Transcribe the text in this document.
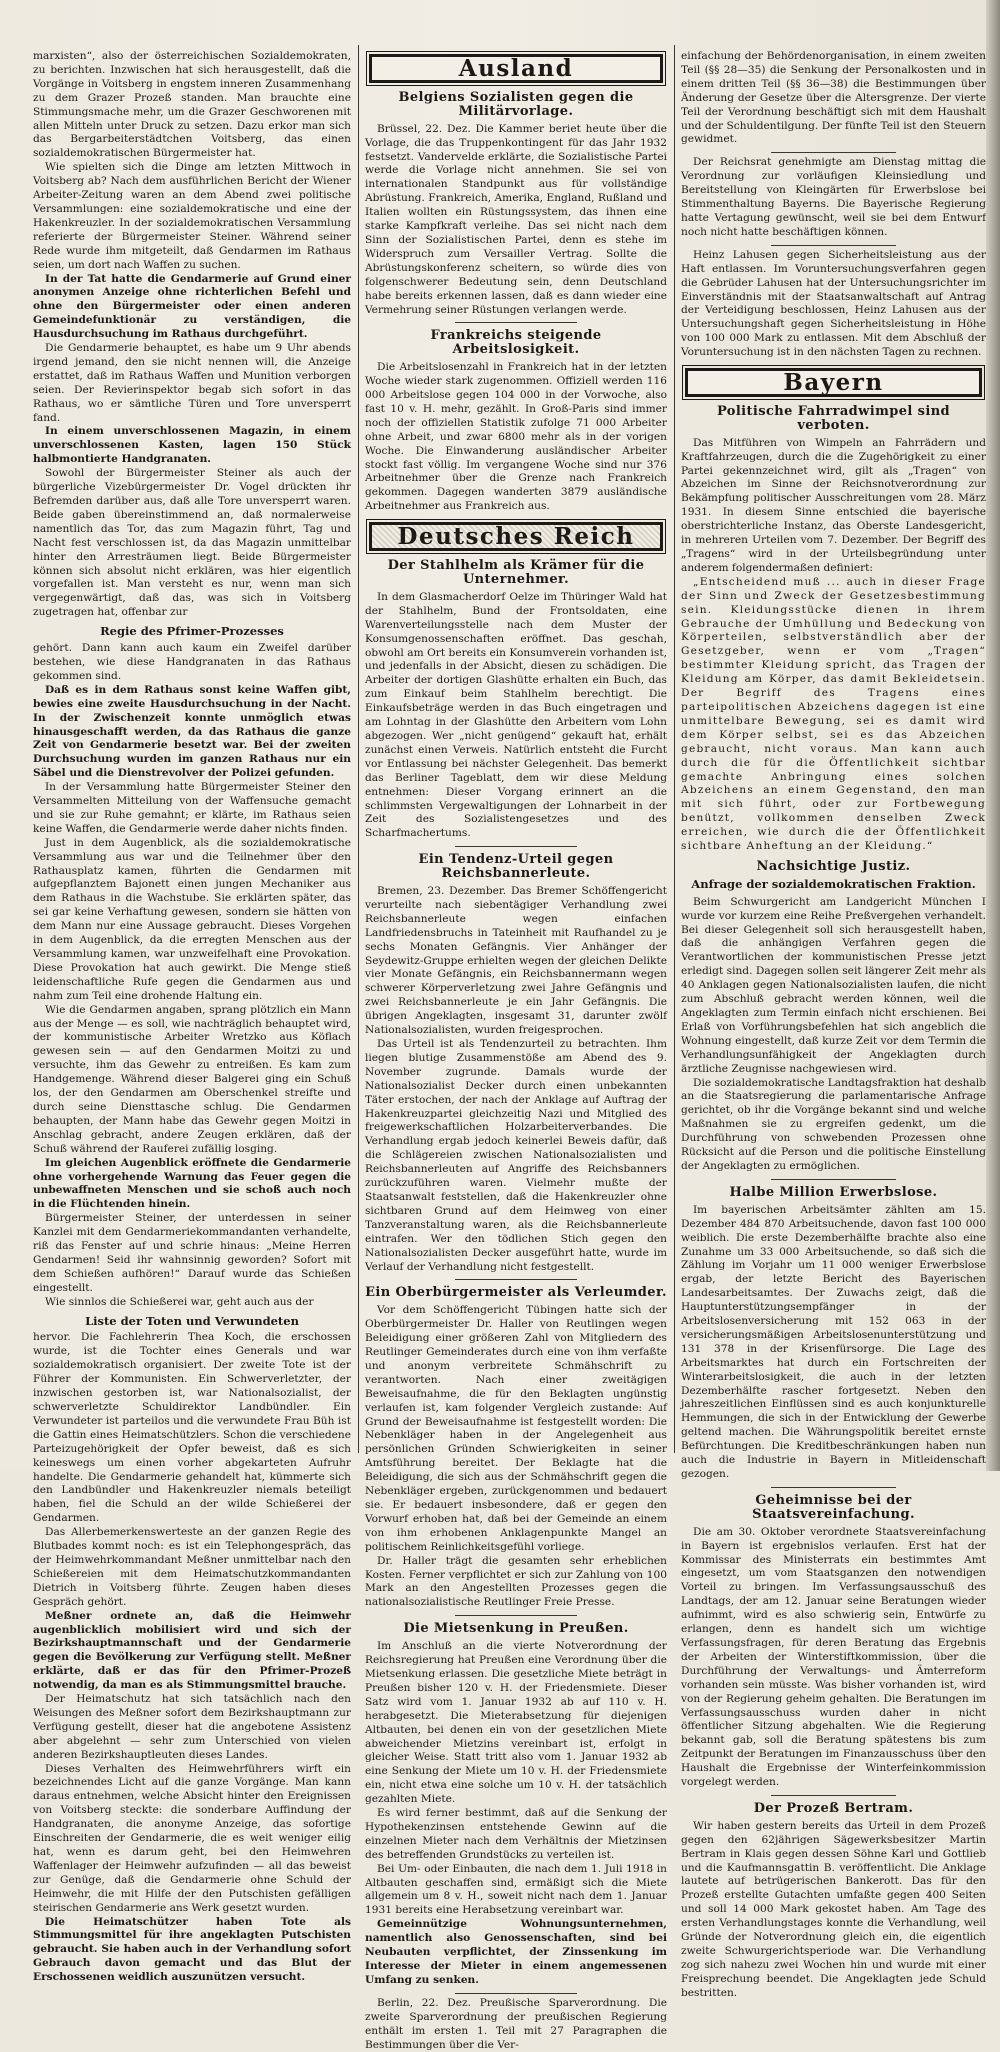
marxisten“, also der österreichischen Sozialdemokraten, zu berichten. Inzwischen hat sich herausgestellt, daß die Vorgänge in Voitsberg in engstem inneren Zusammenhang zu dem Grazer Prozeß standen. Man brauchte eine Stimmungsmache mehr, um die Grazer Geschworenen mit allen Mitteln unter Druck zu setzen. Dazu erkor man sich das Bergarbeiterstädtchen Voitsberg, das einen sozialdemokratischen Bürgermeister hat.

Wie spielten sich die Dinge am letzten Mittwoch in Voitsberg ab? Nach dem ausführlichen Bericht der Wiener Arbeiter-Zeitung waren an dem Abend zwei politische Versammlungen: eine sozialdemokratische und eine der Hakenkreuzler. In der sozialdemokratischen Versammlung referierte der Bürgermeister Steiner. Während seiner Rede wurde ihm mitgeteilt, daß Gendarmen im Rathaus seien, um dort nach Waffen zu suchen.

In der Tat hatte die Gendarmerie auf Grund einer anonymen Anzeige ohne richterlichen Befehl und ohne den Bürgermeister oder einen anderen Gemeindefunktionär zu verständigen, die Hausdurchsuchung im Rathaus durchgeführt.

Die Gendarmerie behauptet, es habe um 9 Uhr abends irgend jemand, den sie nicht nennen will, die Anzeige erstattet, daß im Rathaus Waffen und Munition verborgen seien. Der Revierinspektor begab sich sofort in das Rathaus, wo er sämtliche Türen und Tore unversperrt fand.

In einem unverschlossenen Magazin, in einem unverschlossenen Kasten, lagen 150 Stück halbmontierte Handgranaten.

Sowohl der Bürgermeister Steiner als auch der bürgerliche Vizebürgermeister Dr. Vogel drückten ihr Befremden darüber aus, daß alle Tore unversperrt waren. Beide gaben übereinstimmend an, daß normalerweise namentlich das Tor, das zum Magazin führt, Tag und Nacht fest verschlossen ist, da das Magazin unmittelbar hinter den Arresträumen liegt. Beide Bürgermeister können sich absolut nicht erklären, was hier eigentlich vorgefallen ist. Man versteht es nur, wenn man sich vergegenwärtigt, daß das, was sich in Voitsberg zugetragen hat, offenbar zur

Regie des Pfrimer-Prozesses

gehört. Dann kann auch kaum ein Zweifel darüber bestehen, wie diese Handgranaten in das Rathaus gekommen sind.

Daß es in dem Rathaus sonst keine Waffen gibt, bewies eine zweite Hausdurchsuchung in der Nacht. In der Zwischenzeit konnte unmöglich etwas hinausgeschafft werden, da das Rathaus die ganze Zeit von Gendarmerie besetzt war. Bei der zweiten Durchsuchung wurden im ganzen Rathaus nur ein Säbel und die Dienstrevolver der Polizei gefunden.

In der Versammlung hatte Bürgermeister Steiner den Versammelten Mitteilung von der Waffensuche gemacht und sie zur Ruhe gemahnt; er klärte, im Rathaus seien keine Waffen, die Gendarmerie werde daher nichts finden.

Just in dem Augenblick, als die sozialdemokratische Versammlung aus war und die Teilnehmer über den Rathausplatz kamen, führten die Gendarmen mit aufgepflanztem Bajonett einen jungen Mechaniker aus dem Rathaus in die Wachstube. Sie erklärten später, das sei gar keine Verhaftung gewesen, sondern sie hätten von dem Mann nur eine Aussage gebraucht. Dieses Vorgehen in dem Augenblick, da die erregten Menschen aus der Versammlung kamen, war unzweifelhaft eine Provokation. Diese Provokation hat auch gewirkt. Die Menge stieß leidenschaftliche Rufe gegen die Gendarmen aus und nahm zum Teil eine drohende Haltung ein.

Wie die Gendarmen angaben, sprang plötzlich ein Mann aus der Menge — es soll, wie nachträglich behauptet wird, der kommunistische Arbeiter Wretzko aus Köflach gewesen sein — auf den Gendarmen Moitzi zu und versuchte, ihm das Gewehr zu entreißen. Es kam zum Handgemenge. Während dieser Balgerei ging ein Schuß los, der den Gendarmen am Oberschenkel streifte und durch seine Diensttasche schlug. Die Gendarmen behaupten, der Mann habe das Gewehr gegen Moitzi in Anschlag gebracht, andere Zeugen erklären, daß der Schuß während der Rauferei zufällig losging.

Im gleichen Augenblick eröffnete die Gendarmerie ohne vorhergehende Warnung das Feuer gegen die unbewaffneten Menschen und sie schoß auch noch in die Flüchtenden hinein.

Bürgermeister Steiner, der unterdessen in seiner Kanzlei mit dem Gendarmeriekommandanten verhandelte, riß das Fenster auf und schrie hinaus: „Meine Herren Gendarmen! Seid ihr wahnsinnig geworden? Sofort mit dem Schießen aufhören!“ Darauf wurde das Schießen eingestellt.

Wie sinnlos die Schießerei war, geht auch aus der

Liste der Toten und Verwundeten

hervor. Die Fachlehrerin Thea Koch, die erschossen wurde, ist die Tochter eines Generals und war sozialdemokratisch organisiert. Der zweite Tote ist der Führer der Kommunisten. Ein Schwerverletzter, der inzwischen gestorben ist, war Nationalsozialist, der schwerverletzte Schuldirektor Landbündler. Ein Verwundeter ist parteilos und die verwundete Frau Büh ist die Gattin eines Heimatschützlers. Schon die verschiedene Parteizugehörigkeit der Opfer beweist, daß es sich keineswegs um einen vorher abgekarteten Aufruhr handelte. Die Gendarmerie gehandelt hat, kümmerte sich den Landbündler und Hakenkreuzler niemals beteiligt haben, fiel die Schuld an der wilde Schießerei der Gendarmen.

Das Allerbemerkenswerteste an der ganzen Regie des Blutbades kommt noch: es ist ein Telephongespräch, das der Heimwehrkommandant Meßner unmittelbar nach den Schießereien mit dem Heimatschutzkommandanten Dietrich in Voitsberg führte. Zeugen haben dieses Gespräch gehört.

Meßner ordnete an, daß die Heimwehr augenblicklich mobilisiert wird und sich der Bezirkshauptmannschaft und der Gendarmerie gegen die Bevölkerung zur Verfügung stellt. Meßner erklärte, daß er das für den Pfrimer-Prozeß notwendig, da man es als Stimmungsmittel brauche.

Der Heimatschutz hat sich tatsächlich nach den Weisungen des Meßner sofort dem Bezirkshauptmann zur Verfügung gestellt, dieser hat die angebotene Assistenz aber abgelehnt — sehr zum Unterschied von vielen anderen Bezirkshauptleuten dieses Landes.

Dieses Verhalten des Heimwehrführers wirft ein bezeichnendes Licht auf die ganze Vorgänge. Man kann daraus entnehmen, welche Absicht hinter den Ereignissen von Voitsberg steckte: die sonderbare Auffindung der Handgranaten, die anonyme Anzeige, das sofortige Einschreiten der Gendarmerie, die es weit weniger eilig hat, wenn es darum geht, bei den Heimwehren Waffenlager der Heimwehr aufzufinden — all das beweist zur Genüge, daß die Gendarmerie ohne Schuld der Heimwehr, die mit Hilfe der den Putschisten gefälligen steirischen Gendarmerie ans Werk gesetzt wurden.

Die Heimatschützer haben Tote als Stimmungsmittel für ihre angeklagten Putschisten gebraucht. Sie haben auch in der Verhandlung sofort Gebrauch davon gemacht und das Blut der Erschossenen weidlich auszunützen versucht.

Ausland
Belgiens Sozialisten gegen die Militärvorlage.

Brüssel, 22. Dez. Die Kammer beriet heute über die Vorlage, die das Truppenkontingent für das Jahr 1932 festsetzt. Vandervelde erklärte, die Sozialistische Partei werde die Vorlage nicht annehmen. Sie sei von internationalen Standpunkt aus für vollständige Abrüstung. Frankreich, Amerika, England, Rußland und Italien wollten ein Rüstungssystem, das ihnen eine starke Kampfkraft verleihe. Das sei nicht nach dem Sinn der Sozialistischen Partei, denn es stehe im Widerspruch zum Versailler Vertrag. Sollte die Abrüstungskonferenz scheitern, so würde dies von folgenschwerer Bedeutung sein, denn Deutschland habe bereits erkennen lassen, daß es dann wieder eine Vermehrung seiner Rüstungen verlangen werde.

Frankreichs steigende Arbeitslosigkeit.

Die Arbeitslosenzahl in Frankreich hat in der letzten Woche wieder stark zugenommen. Offiziell werden 116 000 Arbeitslose gegen 104 000 in der Vorwoche, also fast 10 v. H. mehr, gezählt. In Groß-Paris sind immer noch der offiziellen Statistik zufolge 71 000 Arbeiter ohne Arbeit, und zwar 6800 mehr als in der vorigen Woche. Die Einwanderung ausländischer Arbeiter stockt fast völlig. Im vergangene Woche sind nur 376 Arbeitnehmer über die Grenze nach Frankreich gekommen. Dagegen wanderten 3879 ausländische Arbeitnehmer aus Frankreich aus.

Deutsches Reich
Der Stahlhelm als Krämer für die Unternehmer.

In dem Glasmacherdorf Oelze im Thüringer Wald hat der Stahlhelm, Bund der Frontsoldaten, eine Warenverteilungsstelle nach dem Muster der Konsumgenossenschaften eröffnet. Das geschah, obwohl am Ort bereits ein Konsumverein vorhanden ist, und jedenfalls in der Absicht, diesen zu schädigen. Die Arbeiter der dortigen Glashütte erhalten ein Buch, das zum Einkauf beim Stahlhelm berechtigt. Die Einkaufsbeträge werden in das Buch eingetragen und am Lohntag in der Glashütte den Arbeitern vom Lohn abgezogen. Wer „nicht genügend“ gekauft hat, erhält zunächst einen Verweis. Natürlich entsteht die Furcht vor Entlassung bei nächster Gelegenheit. Das bemerkt das Berliner Tageblatt, dem wir diese Meldung entnehmen: Dieser Vorgang erinnert an die schlimmsten Vergewaltigungen der Lohnarbeit in der Zeit des Sozialistengesetzes und des Scharfmachertums.

Ein Tendenz-Urteil gegen Reichsbannerleute.

Bremen, 23. Dezember. Das Bremer Schöffengericht verurteilte nach siebentägiger Verhandlung zwei Reichsbannerleute wegen einfachen Landfriedensbruchs in Tateinheit mit Raufhandel zu je sechs Monaten Gefängnis. Vier Anhänger der Seydewitz-Gruppe erhielten wegen der gleichen Delikte vier Monate Gefängnis, ein Reichsbannermann wegen schwerer Körperverletzung zwei Jahre Gefängnis und zwei Reichsbannerleute je ein Jahr Gefängnis. Die übrigen Angeklagten, insgesamt 31, darunter zwölf Nationalsozialisten, wurden freigesprochen.

Das Urteil ist als Tendenzurteil zu betrachten. Ihm liegen blutige Zusammenstöße am Abend des 9. November zugrunde. Damals wurde der Nationalsozialist Decker durch einen unbekannten Täter erstochen, der nach der Anklage auf Auftrag der Hakenkreuzpartei gleichzeitig Nazi und Mitglied des freigewerkschaftlichen Holzarbeiterverbandes. Die Verhandlung ergab jedoch keinerlei Beweis dafür, daß die Schlägereien zwischen Nationalsozialisten und Reichsbannerleuten auf Angriffe des Reichsbanners zurückzuführen waren. Vielmehr mußte der Staatsanwalt feststellen, daß die Hakenkreuzler ohne sichtbaren Grund auf dem Heimweg von einer Tanzveranstaltung waren, als die Reichsbannerleute eintrafen. Wer den tödlichen Stich gegen den Nationalsozialisten Decker ausgeführt hatte, wurde im Verlauf der Verhandlung nicht festgestellt.

Ein Oberbürgermeister als Verleumder.

Vor dem Schöffengericht Tübingen hatte sich der Oberbürgermeister Dr. Haller von Reutlingen wegen Beleidigung einer größeren Zahl von Mitgliedern des Reutlinger Gemeinderates durch eine von ihm verfaßte und anonym verbreitete Schmähschrift zu verantworten. Nach einer zweitägigen Beweisaufnahme, die für den Beklagten ungünstig verlaufen ist, kam folgender Vergleich zustande: Auf Grund der Beweisaufnahme ist festgestellt worden: Die Nebenkläger haben in der Angelegenheit aus persönlichen Gründen Schwierigkeiten in seiner Amtsführung bereitet. Der Beklagte hat die Beleidigung, die sich aus der Schmähschrift gegen die Nebenkläger ergeben, zurückgenommen und bedauert sie. Er bedauert insbesondere, daß er gegen den Vorwurf erhoben hat, daß bei der Gemeinde an einem von ihm erhobenen Anklagenpunkte Mangel an politischem Reinlichkeitsgefühl vorliege.

Dr. Haller trägt die gesamten sehr erheblichen Kosten. Ferner verpflichtet er sich zur Zahlung von 100 Mark an den Angestellten Prozesses gegen die nationalsozialistische Reutlinger Freie Presse.

Die Mietsenkung in Preußen.

Im Anschluß an die vierte Notverordnung der Reichsregierung hat Preußen eine Verordnung über die Mietsenkung erlassen. Die gesetzliche Miete beträgt in Preußen bisher 120 v. H. der Friedensmiete. Dieser Satz wird vom 1. Januar 1932 ab auf 110 v. H. herabgesetzt. Die Mieterabsetzung für diejenigen Altbauten, bei denen ein von der gesetzlichen Miete abweichender Mietzins vereinbart ist, erfolgt in gleicher Weise. Statt tritt also vom 1. Januar 1932 ab eine Senkung der Miete um 10 v. H. der Friedensmiete ein, nicht etwa eine solche um 10 v. H. der tatsächlich gezahlten Miete.

Es wird ferner bestimmt, daß auf die Senkung der Hypothekenzinsen entstehende Gewinn auf die einzelnen Mieter nach dem Verhältnis der Mietzinsen des betreffenden Grundstücks zu verteilen ist.

Bei Um- oder Einbauten, die nach dem 1. Juli 1918 in Altbauten geschaffen sind, ermäßigt sich die Miete allgemein um 8 v. H., soweit nicht nach dem 1. Januar 1931 bereits eine Herabsetzung vereinbart war.

Gemeinnützige Wohnungsunternehmen, namentlich also Genossenschaften, sind bei Neubauten verpflichtet, der Zinssenkung im Interesse der Mieter in einem angemessenen Umfang zu senken.

Berlin, 22. Dez. Preußische Sparverordnung. Die zweite Sparverordnung der preußischen Regierung enthält im ersten 1. Teil mit 27 Paragraphen die Bestimmungen über die Ver-

einfachung der Behördenorganisation, in einem zweiten Teil (§§ 28—35) die Senkung der Personalkosten und in einem dritten Teil (§§ 36—38) die Bestimmungen über Änderung der Gesetze über die Altersgrenze. Der vierte Teil der Verordnung beschäftigt sich mit dem Haushalt und der Schuldentilgung. Der fünfte Teil ist den Steuern gewidmet.

Der Reichsrat genehmigte am Dienstag mittag die Verordnung zur vorläufigen Kleinsiedlung und Bereitstellung von Kleingärten für Erwerbslose bei Stimmenthaltung Bayerns. Die Bayerische Regierung hatte Vertagung gewünscht, weil sie bei dem Entwurf noch nicht hatte beschäftigen können.

Heinz Lahusen gegen Sicherheitsleistung aus der Haft entlassen. Im Voruntersuchungsverfahren gegen die Gebrüder Lahusen hat der Untersuchungsrichter im Einverständnis mit der Staatsanwaltschaft auf Antrag der Verteidigung beschlossen, Heinz Lahusen aus der Untersuchungshaft gegen Sicherheitsleistung in Höhe von 100 000 Mark zu entlassen. Mit dem Abschluß der Voruntersuchung ist in den nächsten Tagen zu rechnen.

Bayern
Politische Fahrradwimpel sind verboten.

Das Mitführen von Wimpeln an Fahrrädern und Kraftfahrzeugen, durch die die Zugehörigkeit zu einer Partei gekennzeichnet wird, gilt als „Tragen“ von Abzeichen im Sinne der Reichsnotverordnung zur Bekämpfung politischer Ausschreitungen vom 28. März 1931. In diesem Sinne entschied die bayerische oberstrichterliche Instanz, das Oberste Landesgericht, in mehreren Urteilen vom 7. Dezember. Der Begriff des „Tragens“ wird in der Urteilsbegründung unter anderem folgendermaßen definiert:

„Entscheidend muß ... auch in dieser Frage der Sinn und Zweck der Gesetzesbestimmung sein. Kleidungsstücke dienen in ihrem Gebrauche der Umhüllung und Bedeckung von Körperteilen, selbstverständlich aber der Gesetzgeber, wenn er vom „Tragen“ bestimmter Kleidung spricht, das Tragen der Kleidung am Körper, das damit Bekleidetsein. Der Begriff des Tragens eines parteipolitischen Abzeichens dagegen ist eine unmittelbare Bewegung, sei es damit wird dem Körper selbst, sei es das Abzeichen gebraucht, nicht voraus. Man kann auch durch die für die Öffentlichkeit sichtbar gemachte Anbringung eines solchen Abzeichens an einem Gegenstand, den man mit sich führt, oder zur Fortbewegung benützt, vollkommen denselben Zweck erreichen, wie durch die der Öffentlichkeit sichtbare Anheftung an der Kleidung.“

Nachsichtige Justiz.
Anfrage der sozialdemokratischen Fraktion.

Beim Schwurgericht am Landgericht München I wurde vor kurzem eine Reihe Preßvergehen verhandelt. Bei dieser Gelegenheit soll sich herausgestellt haben, daß die anhängigen Verfahren gegen die Verantwortlichen der kommunistischen Presse jetzt erledigt sind. Dagegen sollen seit längerer Zeit mehr als 40 Anklagen gegen Nationalsozialisten laufen, die nicht zum Abschluß gebracht werden können, weil die Angeklagten zum Termin einfach nicht erschienen. Bei Erlaß von Vorführungsbefehlen hat sich angeblich die Wohnung eingestellt, daß kurze Zeit vor dem Termin die Verhandlungsunfähigkeit der Angeklagten durch ärztliche Zeugnisse nachgewiesen wird.

Die sozialdemokratische Landtagsfraktion hat deshalb an die Staatsregierung die parlamentarische Anfrage gerichtet, ob ihr die Vorgänge bekannt sind und welche Maßnahmen sie zu ergreifen gedenkt, um die Durchführung von schwebenden Prozessen ohne Rücksicht auf die Person und die politische Einstellung der Angeklagten zu ermöglichen.

Halbe Million Erwerbslose.

Im bayerischen Arbeitsämter zählten am 15. Dezember 484 870 Arbeitsuchende, davon fast 100 000 weiblich. Die erste Dezemberhälfte brachte also eine Zunahme um 33 000 Arbeitsuchende, so daß sich die Zählung im Vorjahr um 11 000 weniger Erwerbslose ergab, der letzte Bericht des Bayerischen Landesarbeitsamtes. Der Zuwachs zeigt, daß die Hauptunterstützungsempfänger in der Arbeitslosenversicherung mit 152 063 in der versicherungsmäßigen Arbeitslosenunterstützung und 131 378 in der Krisenfürsorge. Die Lage des Arbeitsmarktes hat durch ein Fortschreiten der Winterarbeitslosigkeit, die auch in der letzten Dezemberhälfte rascher fortgesetzt. Neben den jahreszeitlichen Einflüssen sind es auch konjunkturelle Hemmungen, die sich in der Entwicklung der Gewerbe geltend machen. Die Währungspolitik bereitet ernste Befürchtungen. Die Kreditbeschränkungen haben nun auch die Industrie in Bayern in Mitleidenschaft gezogen.

Geheimnisse bei der Staatsvereinfachung.

Die am 30. Oktober verordnete Staatsvereinfachung in Bayern ist ergebnislos verlaufen. Erst hat der Kommissar des Ministerrats ein bestimmtes Amt eingesetzt, um vom Staatsganzen den notwendigen Vorteil zu bringen. Im Verfassungsausschuß des Landtags, der am 12. Januar seine Beratungen wieder aufnimmt, wird es also schwierig sein, Entwürfe zu erlangen, denn es handelt sich um wichtige Verfassungsfragen, für deren Beratung das Ergebnis der Arbeiten der Winterstiftkommission, über die Durchführung der Verwaltungs- und Ämterreform vorhanden sein müsste. Was bisher vorhanden ist, wird von der Regierung geheim gehalten. Die Beratungen im Verfassungsausschuss wurden daher in nicht öffentlicher Sitzung abgehalten. Wie die Regierung bekannt gab, soll die Beratung spätestens bis zum Zeitpunkt der Beratungen im Finanzausschuss über den Haushalt die Ergebnisse der Winterfeinkommission vorgelegt werden.

Der Prozeß Bertram.

Wir haben gestern bereits das Urteil in dem Prozeß gegen den 62jährigen Sägewerksbesitzer Martin Bertram in Klais gegen dessen Söhne Karl und Gottlieb und die Kaufmannsgattin B. veröffentlicht. Die Anklage lautete auf betrügerischen Bankerott. Das für den Prozeß erstellte Gutachten umfaßte gegen 400 Seiten und soll 14 000 Mark gekostet haben. Am Tage des ersten Verhandlungstages konnte die Verhandlung, weil Gründe der Notverordnung gleich ein, die eigentlich zweite Schwurgerichtsperiode war. Die Verhandlung zog sich nahezu zwei Wochen hin und wurde mit einer Freisprechung beendet. Die Angeklagten jede Schuld bestritten.
